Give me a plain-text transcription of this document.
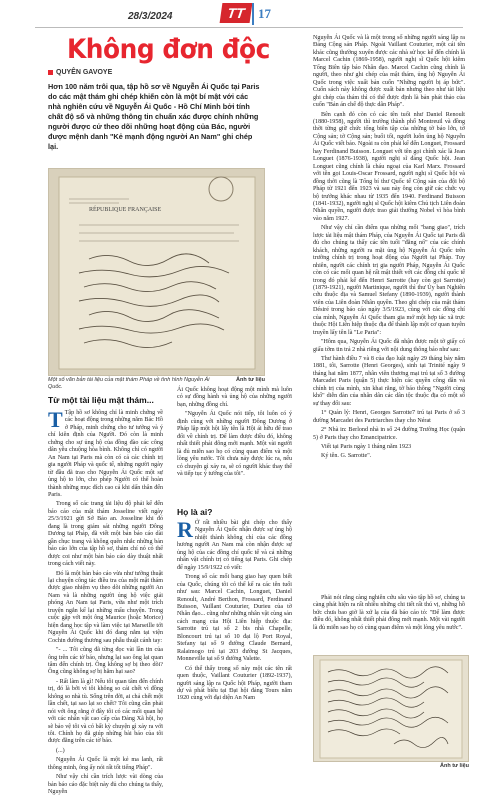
28/3/2024	TT 17
Không đơn độc
QUYÊN GAVOYE
Hơn 100 năm trôi qua, tập hồ sơ về Nguyễn Ái Quốc tại Paris do các mật thám ghi chép khiến còn là một bí mật với các nhà nghiên cứu về Nguyễn Ái Quốc - Hồ Chí Minh bởi tính chất độ số và những thông tin chuẩn xác được chính những người được cử theo dõi những hoạt động của Bác, người được mệnh danh "Kẻ mạnh động người An Nam" ghi chép lại.
RÉPUBLIQUE FRANÇAISE
Một số văn bản tài liệu của mật thám Pháp về tình hình Nguyễn Ái Quốc.
Ảnh tư liệu
Từ một tài liệu mật thám...

T Tập hồ sơ không chỉ là minh chứng về các hoạt động trong những năm Bác Hồ ở Pháp, minh chứng cho tư tưởng và ý chí kiên định của Người. Đó còn là minh chứng cho sự ủng hộ của đồng đào các công dân yêu chuộng hòa bình. Không chỉ có người An Nam tại Paris mà còn có cả các chính trị gia người Pháp và quốc tế, những người ngày từ đầu đã trao cho Nguyễn Ái Quốc một sự ủng hộ to lớn, cho phép Người có thể hoàn thành những mục đích cao cả khi dấn thân đến Paris.

Trong số các trang tài liệu độ phải kể đến báo cáo của mật thám Josseline viết ngày 25/3/1921 gửi Sở Bảo an. Josseline khi đó đang là trong giám sát những người Đông Dương tại Pháp, đã viết một bản báo cáo dài gần chục trang và không quên nhắc những bản báo cáo lớn của tập hồ sơ, thám chí nó có thể được coi như một bản báo cáo dày thuật nhất trong cách viết này.

Đó là một bản báo cáo vừa như tường thuật lại chuyện công tác điều tra của một mật thám được giao nhiệm vụ theo dõi những người An Nam và là những người ủng hộ việc giải phóng An Nam tại Paris, vừa như một trích truyện ngắn kể lại những mẩu chuyện. Trong cuộc gặp với một ông Maurice (hoặc Morice) hiện đang học tập và làm việc tại Marseille tới Nguyễn Ái Quốc khi đó đang nằm tại viện Cochin đường thương sau phẫu thuật cánh tay:

"- ... Tôi cũng đã từng đọc vài lần tin của ông trên các tờ báo, nhưng lại sao ông lại quan tâm đến chính trị. Ông không sợ bị theo dõi? Ông cũng không sợ bị hăm hại sao?

- Rất làm là gì! Nếu tôi quan tâm đến chính trị, đó là bởi vì tôi không so cái chết vì đồng không so nhà tù. Sống trên đời, ai chả chết một lần chết, tại sao lại so chết? Tôi cũng cần phải nói với ông rằng ở đây tôi có các mối quan hệ với các nhân vật cao cấp của Đảng Xã hội, họ sẽ bảo vệ tôi và có bất kỳ chuyện gì xảy ra với tôi. Chính họ đã giúp những bài báo của tôi được đăng trên các tờ báo.

(...)

Nguyễn Ái Quốc là một kẻ ma lanh, rất thông minh, ông ấy nói rất tốt tiếng Pháp".

Như vậy chỉ cần trích lược vài dòng của bản báo cáo đặc biệt này đủ cho chúng ta thấy, Nguyễn

Ái Quốc không hoạt động một mình mà luôn có sự đồng hành và ủng hộ của những người bạn, những đồng chí.

"Nguyễn Ái Quốc nói tiếp, tôi luôn có ý định cùng với những người Đông Dương ở Pháp lập một hội lấy tên là Hội ái hữu để trao đổi về chính trị. Để làm được điều đó, không nhất thiết phải đông mới mạnh. Một vài người là đủ miễn sao họ có cùng quan điểm và một lòng yêu nước. Tôi chưa nảy được lúc ra, nếu có chuyện gì xảy ra, sẽ có người khác thay thế và tiếp tục ý tưởng của tôi".

Họ là ai?

R Ở rất nhiều bài ghi chép cho thấy Nguyễn Ái Quốc nhận được sự ủng hộ nhiệt thành không chỉ của các đồng hương người An Nam mà còn nhận được sự ủng hộ của các đồng chí quốc tế và cả những nhân vật chính trị có tiếng tại Paris. Ghi chép để ngày 15/9/1922 có viết:

Trong số các mối bang giao hay quen biết của Quốc, chúng tôi có thể kể ra các tên tuổi như sau: Marcel Cachin, Longuet, Daniel Renoult, André Berthon, Frossard, Ferdinand Buisson, Vaillant Couturier, Durieu của tờ Nhân đạo... cũng như những nhân vật cùng sản cách mạng của Hội Liên hiệp thuộc địa: Sarrotte trú tại số 2 bis nhà Chapelle, Bloncourt trú tại số 10 đại lộ Port Royal, Stefany tại số 9 đường Claude Bernard, Ralaimogo trú tại 203 đường St Jacques, Monneville tại số 9 đường Valette.

Có thể thấy trong số này một các tên rất quen thuộc, Vaillant Couturier (1892-1937), người sáng lập ra Quốc hội Pháp, người tham dự và phát biểu tại Đại hội đảng Tours năm 1920 cùng với đại diện An Nam

Nguyễn Ái Quốc và là một trong số những người sáng lập ra Đảng Cộng sản Pháp. Ngoài Vaillant Couturier, một cái tên khác cũng thường xuyên được các nhà sử học kể đến chính là Marcel Cachin (1869-1958), người nghị sĩ Quốc hội kiêm Tổng Biên tập báo Nhân đạo. Marcel Cachin cũng chính là người, theo như ghi chép của mật thám, ủng hộ Nguyễn Ái Quốc trong việc xuất bản cuốn "Những người bị áp bức". Cuốn sách này không được xuất bản nhưng theo như tài liệu ghi chép của thám thì có thể được định là bản phát thảo của cuốn "Bản án chế độ thực dân Pháp".

Bên cạnh đó còn có các tên tuổi như Daniel Renoult (1880-1958), người thì trưởng thành phố Montreuil và đồng thời từng giữ chức tổng biên tập của những tờ báo lớn, tờ Cộng sản; tờ Cộng sản; buổi tối, người luôn ủng hộ Nguyễn Ái Quốc viết báo. Ngoài ra còn phải kể đến Longuet, Frossard hay Ferdinand Buisson. Longuet với tên gọi chính xác là Jean Longuet (1876-1938), người nghị sĩ đảng Quốc hội. Jean Longuet cũng chính là cháu ngoại của Karl Marx. Frossard với tên gọi Louis-Oscar Frossard, người nghị sĩ Quốc hội và đồng thời cũng là Tổng bí thư Quốc tế Cộng sản của đội bộ Pháp từ 1921 đến 1923 và sau này ông còn giữ các chức vụ bộ trưởng khác nhau từ 1935 đến 1940. Ferdinand Buisson (1841-1932), người nghị sĩ Quốc hội kiêm Chủ tịch Liên đoàn Nhân quyền, người được trao giải thưởng Nobel vì hòa bình vào năm 1927.

Như vậy chỉ cần điểm qua những mối "bang giao", trích lược tài liệu mật thám Pháp, của Nguyễn Ái Quốc tại Paris đã đủ cho chúng ta thấy các tên tuổi "đăng nổ" của các chính khách, những người ra mặt ủng hộ Nguyễn Ái Quốc trên trường chính trị trong hoạt động của Người tại Pháp. Tuy nhiên, người các chính trị gia người Pháp, Nguyễn Ái Quốc còn có các mối quan hệ rất mật thiết với các đồng chí quốc tế trong đó phải kể đến Henri Sarrotte (hay còn gọi Sarrotte) (1879-1921), người Martinique, người thì thư Ủy ban Nghiên cứu thuộc địa và Samuel Stefany (1890-1939), người thành viên của Liên đoàn Nhân quyền. Theo ghi chép của mật thám Désiré trong báo cáo ngày 3/5/1923, cùng với các đồng chí của mình, Nguyễn Ái Quốc tham gia mở một hợp tác xã trực thuộc Hội Liên hiệp thuộc địa để thành lập một cơ quan tuyên truyền lấy tên là "Le Paria":

"Hôm qua, Nguyễn Ái Quốc đã nhận được một tờ giấy có giấu tờm tin trả 2 nhà riêng với nội dung thông báo như sau:

Thư hành điều 7 và 8 của đạo luật ngày 29 tháng bảy năm 1881, tôi, Sarrotte (Henri Georges), sinh tại Trinité ngày 9 tháng hai năm 1877, nhân viên thương mại trú tại số 3 đường Marcadet Paris (quận 5) thực hiện các quyền công dân và chính trị của mình, xin khai rằng, tờ báo thông "Người cùng khổ" diễn đàn của nhân dân các dân tộc thuộc địa có một số sự thay đổi sau:

1° Quản lý: Henri, Georges Sarrotte7 trú tại Paris ở số 3 đường Marcadet des Partriarches thay cho Nérat

2° Nhà in: Berlond nhà in số 24 đường Trường Học (quận 5) ở Paris thay cho Emancipatrice.

Viết tại Paris ngày 1 tháng năm 1923

Ký tên. G. Sarrotte".

Phải nói rằng càng nghiên cứu sâu vào tập hồ sơ, chúng ta càng phát hiện ra rất nhiều những chi tiết rất thú vị, những hồ bức chưa bao giờ là xứ lạ của đã báo cáo tỏ: "Để làm được điều đó, không nhất thiết phải đông mới mạnh. Một vài người là đủ miễn sao họ có cùng quan điểm và một lòng yêu nước".

Ảnh tư liệu
